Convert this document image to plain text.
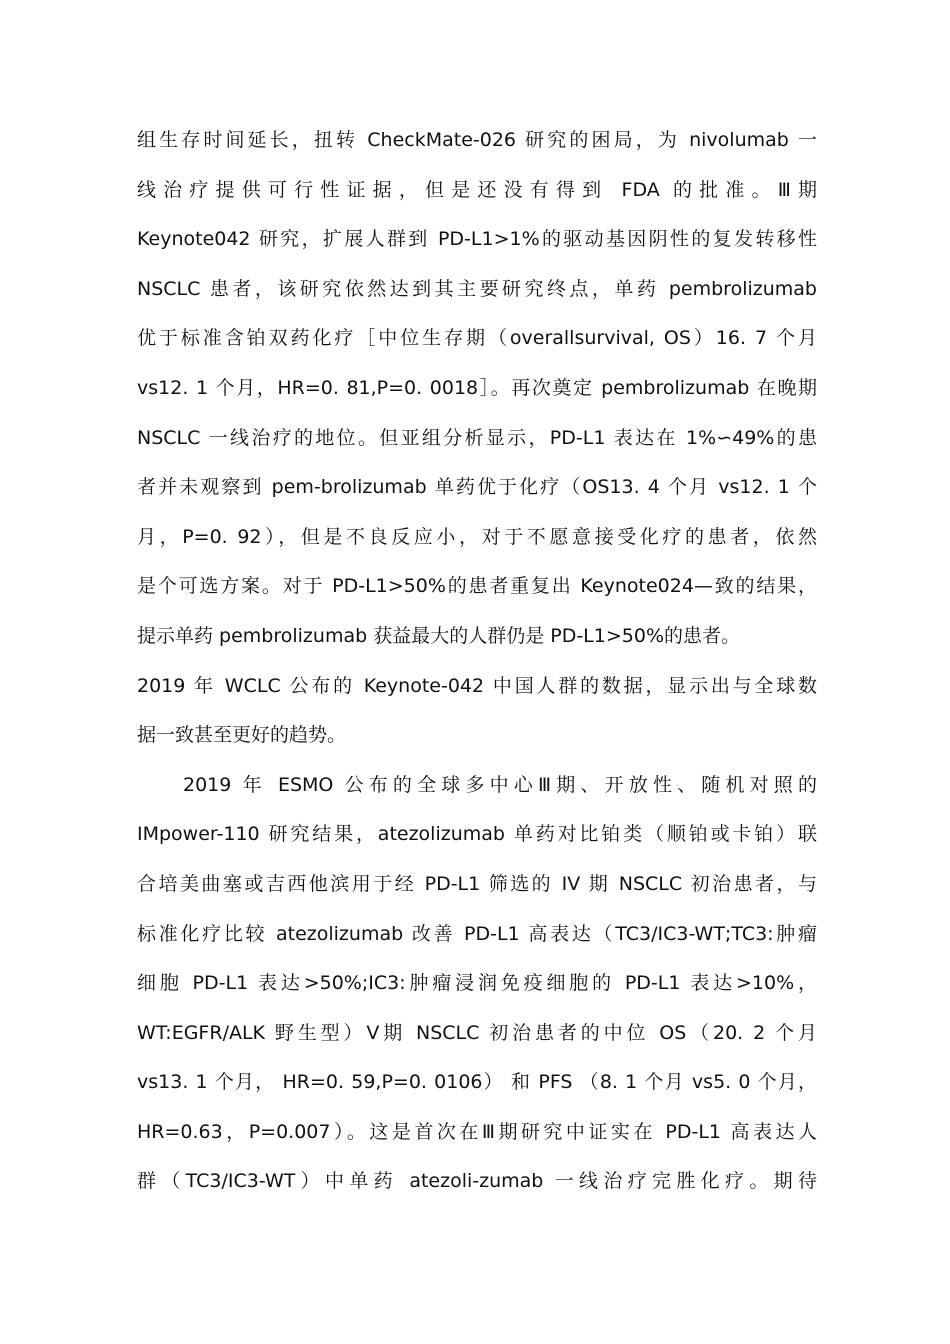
组生存时间延长，扭转 CheckMate-026 研究的困局，为 nivolumab 一
线治疗提供可行性证据，但是还没有得到 FDA 的批准。Ⅲ期
Keynote042 研究，扩展人群到 PD-L1>1%的驱动基因阴性的复发转移性
NSCLC 患者，该研究依然达到其主要研究终点，单药 pembrolizumab
优于标准含铂双药化疗［中位生存期（overallsurvival, OS）16. 7 个月
vs12. 1 个月，HR=0. 81,P=0. 0018］。再次奠定 pembrolizumab 在晚期
NSCLC 一线治疗的地位。但亚组分析显示，PD-L1 表达在 1%∽49%的患
者并未观察到 pem-brolizumab 单药优于化疗（OS13. 4 个月 vs12. 1 个
月，P=0. 92），但是不良反应小，对于不愿意接受化疗的患者，依然
是个可选方案。对于 PD-L1>50%的患者重复出 Keynote024—致的结果，
提示单药 pembrolizumab 获益最大的人群仍是 PD-L1>50%的患者。
2019 年 WCLC 公布的 Keynote-042 中国人群的数据，显示出与全球数
据一致甚至更好的趋势。
2019 年 ESMO 公布的全球多中心Ⅲ期、开放性、随机对照的
IMpower-110 研究结果，atezolizumab 单药对比铂类（顺铂或卡铂）联
合培美曲塞或吉西他滨用于经 PD-L1 筛选的 IV 期 NSCLC 初治患者，与
标准化疗比较 atezolizumab 改善 PD-L1 高表达（TC3/IC3-WT;TC3:肿瘤
细胞 PD-L1 表达>50%;IC3:肿瘤浸润免疫细胞的 PD-L1 表达>10%，
WT:EGFR/ALK 野生型）Ⅴ期 NSCLC 初治患者的中位 OS（20. 2 个月
vs13. 1 个月， HR=0. 59,P=0. 0106） 和 PFS （8. 1 个月 vs5. 0 个月，
HR=0.63，P=0.007）。这是首次在Ⅲ期研究中证实在 PD-L1 高表达人
群（TC3/IC3-WT）中单药 atezoli-zumab 一线治疗完胜化疗。期待
